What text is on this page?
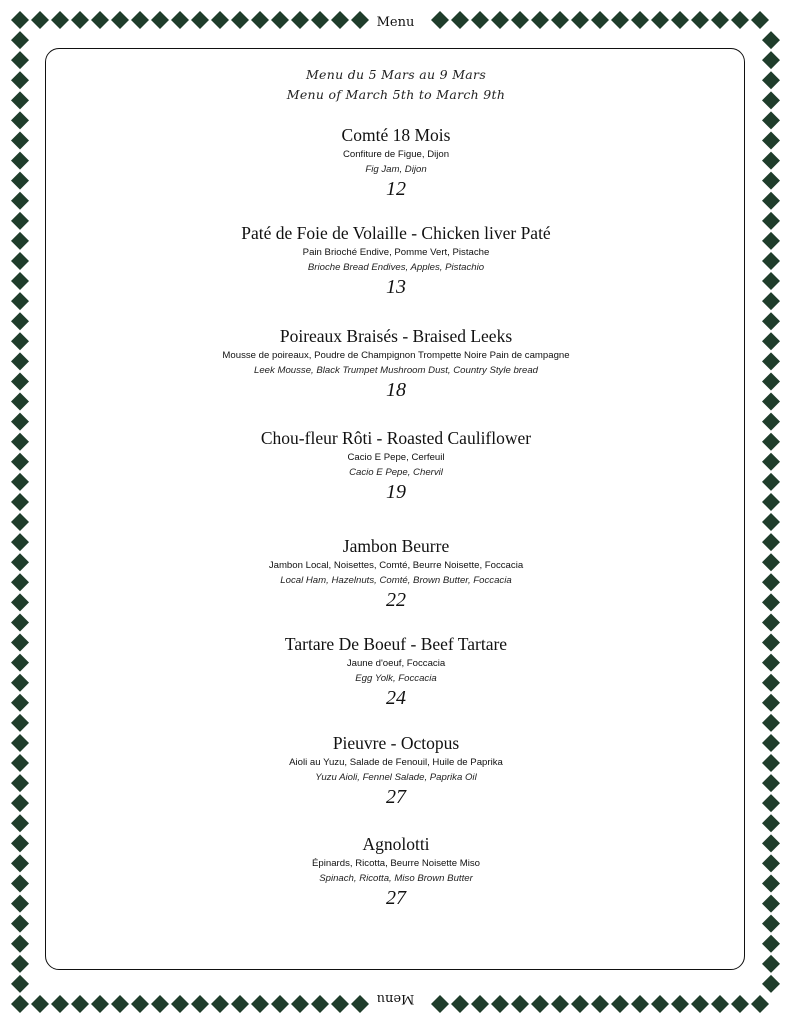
Menu
Menu
Menu du 5 Mars au 9 Mars
Menu of March 5th to March 9th
Comté 18 Mois
Confiture de Figue, Dijon
Fig Jam, Dijon
12
Paté de Foie de Volaille - Chicken liver Paté
Pain Brioché Endive, Pomme Vert, Pistache
Brioche Bread Endives, Apples, Pistachio
13
Poireaux Braisés - Braised Leeks
Mousse de poireaux, Poudre de Champignon Trompette Noire Pain de campagne
Leek Mousse, Black Trumpet Mushroom Dust, Country Style bread
18
Chou-fleur Rôti - Roasted Cauliflower
Cacio E Pepe, Cerfeuil
Cacio E Pepe, Chervil
19
Jambon Beurre
Jambon Local, Noisettes, Comté, Beurre Noisette, Foccacia
Local Ham, Hazelnuts, Comté, Brown Butter, Foccacia
22
Tartare De Boeuf - Beef Tartare
Jaune d'oeuf, Foccacia
Egg Yolk, Foccacia
24
Pieuvre - Octopus
Aioli au Yuzu, Salade de Fenouil, Huile de Paprika
Yuzu Aioli, Fennel Salade, Paprika Oil
27
Agnolotti
Épinards, Ricotta, Beurre Noisette Miso
Spinach, Ricotta, Miso Brown Butter
27
